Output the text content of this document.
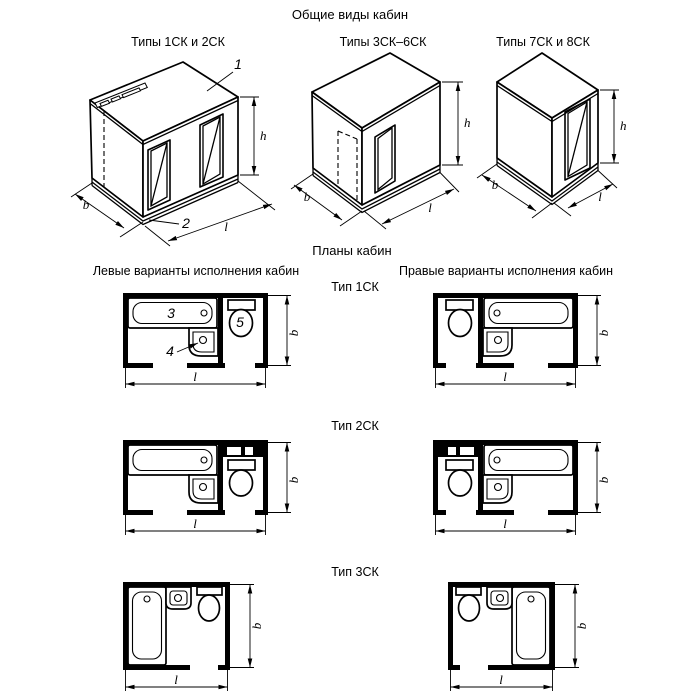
Общие виды кабин
Типы 1СК и 2СК	Типы 3СК–6СК	Типы 7СК и 8СК
Планы кабин
Левые варианты исполнения кабин	Правые варианты исполнения кабин
Тип 1СК
Тип 2СК
Тип 3СК
1
2
h
b
l
h
b
l
h
b
l
3
4
5
b
l
b
l
b
l
b
l
b
l
b
l
